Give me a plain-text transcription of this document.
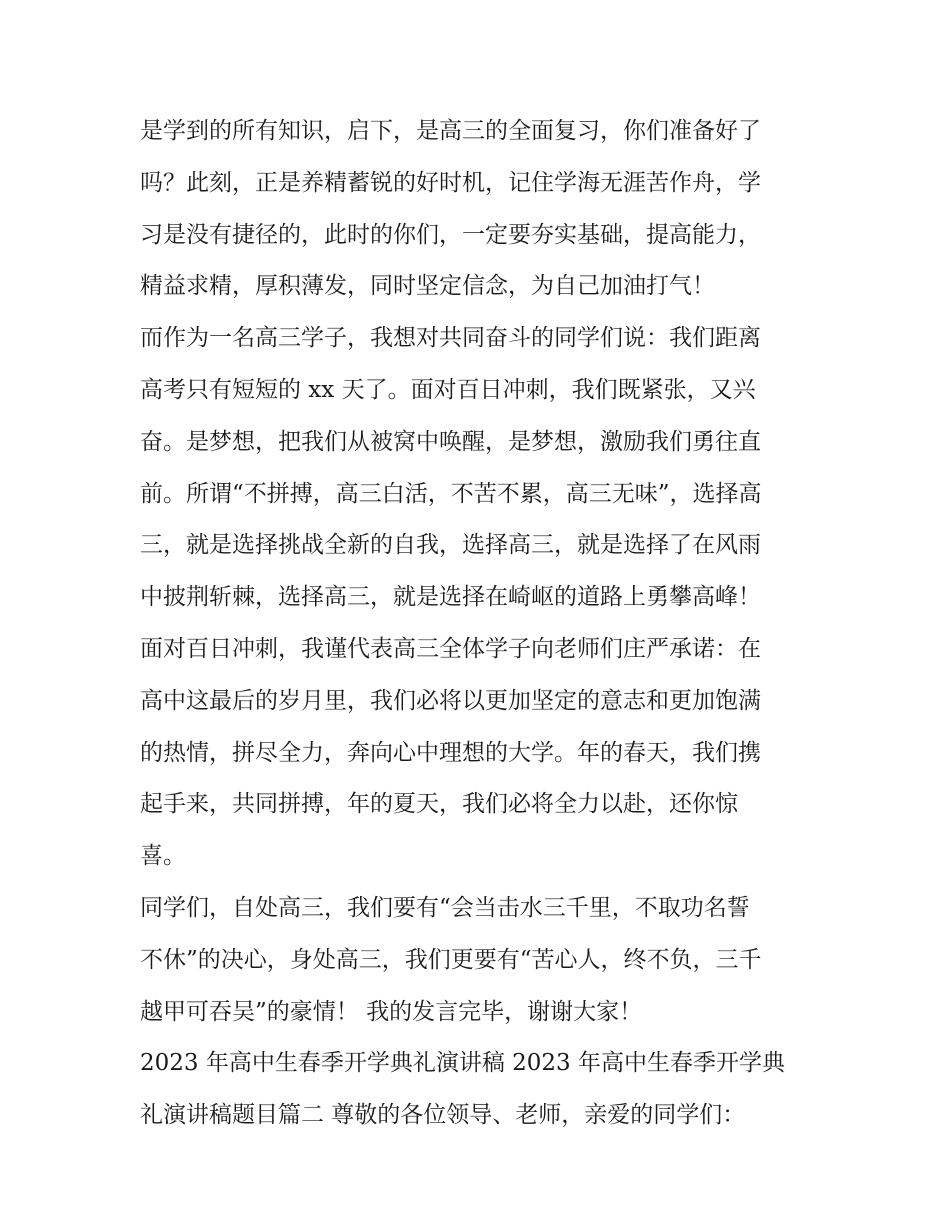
是学到的所有知识，启下，是高三的全面复习，你们准备好了
吗？此刻，正是养精蓄锐的好时机，记住学海无涯苦作舟，学
习是没有捷径的，此时的你们，一定要夯实基础，提高能力，
精益求精，厚积薄发，同时坚定信念，为自己加油打气！
而作为一名高三学子，我想对共同奋斗的同学们说：我们距离
高考只有短短的 xx 天了。面对百日冲刺，我们既紧张，又兴
奋。是梦想，把我们从被窝中唤醒，是梦想，激励我们勇往直
前。所谓“不拼搏，高三白活，不苦不累，高三无味”，选择高
三，就是选择挑战全新的自我，选择高三，就是选择了在风雨
中披荆斩棘，选择高三，就是选择在崎岖的道路上勇攀高峰！
面对百日冲刺，我谨代表高三全体学子向老师们庄严承诺：在
高中这最后的岁月里，我们必将以更加坚定的意志和更加饱满
的热情，拼尽全力，奔向心中理想的大学。年的春天，我们携
起手来，共同拼搏，年的夏天，我们必将全力以赴，还你惊
喜。
同学们，自处高三，我们要有“会当击水三千里，不取功名誓
不休”的决心，身处高三，我们更要有“苦心人，终不负，三千
越甲可吞吴”的豪情！ 我的发言完毕，谢谢大家！
2023 年高中生春季开学典礼演讲稿 2023 年高中生春季开学典
礼演讲稿题目篇二 尊敬的各位领导、老师，亲爱的同学们：
